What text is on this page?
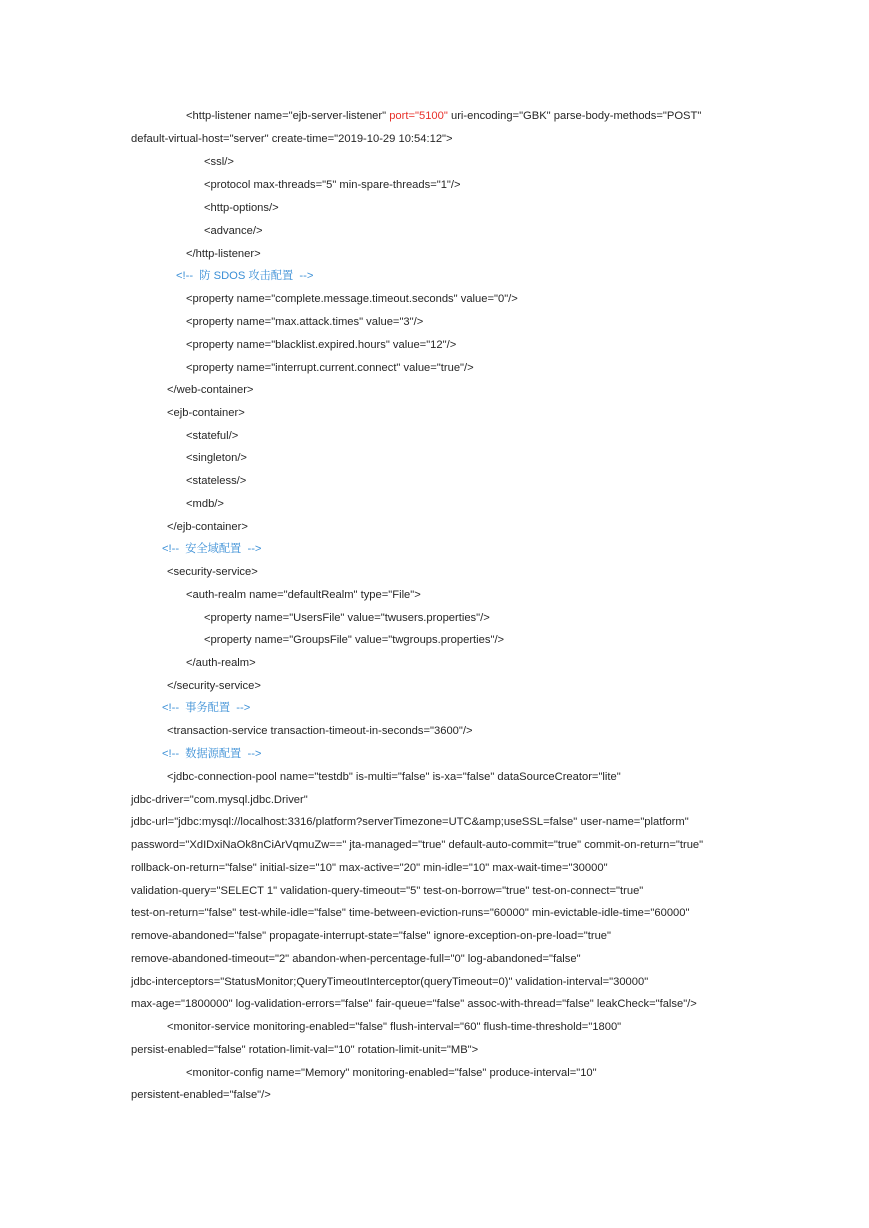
<http-listener name="ejb-server-listener" port="5100" uri-encoding="GBK" parse-body-methods="POST"
default-virtual-host="server" create-time="2019-10-29 10:54:12">
<ssl/>
<protocol max-threads="5" min-spare-threads="1"/>
<http-options/>
<advance/>
</http-listener>
<!--  防 SDOS 攻击配置  -->
<property name="complete.message.timeout.seconds" value="0"/>
<property name="max.attack.times" value="3"/>
<property name="blacklist.expired.hours" value="12"/>
<property name="interrupt.current.connect" value="true"/>
</web-container>
<ejb-container>
<stateful/>
<singleton/>
<stateless/>
<mdb/>
</ejb-container>
<!--  安全域配置  -->
<security-service>
<auth-realm name="defaultRealm" type="File">
<property name="UsersFile" value="twusers.properties"/>
<property name="GroupsFile" value="twgroups.properties"/>
</auth-realm>
</security-service>
<!--  事务配置  -->
<transaction-service transaction-timeout-in-seconds="3600"/>
<!--  数据源配置  -->
<jdbc-connection-pool name="testdb" is-multi="false" is-xa="false" dataSourceCreator="lite"
jdbc-driver="com.mysql.jdbc.Driver"
jdbc-url="jdbc:mysql://localhost:3316/platform?serverTimezone=UTC&amp;useSSL=false" user-name="platform"
password="XdIDxiNaOk8nCiArVqmuZw==" jta-managed="true" default-auto-commit="true" commit-on-return="true"
rollback-on-return="false" initial-size="10" max-active="20" min-idle="10" max-wait-time="30000"
validation-query="SELECT 1" validation-query-timeout="5" test-on-borrow="true" test-on-connect="true"
test-on-return="false" test-while-idle="false" time-between-eviction-runs="60000" min-evictable-idle-time="60000"
remove-abandoned="false" propagate-interrupt-state="false" ignore-exception-on-pre-load="true"
remove-abandoned-timeout="2" abandon-when-percentage-full="0" log-abandoned="false"
jdbc-interceptors="StatusMonitor;QueryTimeoutInterceptor(queryTimeout=0)" validation-interval="30000"
max-age="1800000" log-validation-errors="false" fair-queue="false" assoc-with-thread="false" leakCheck="false"/>
<monitor-service monitoring-enabled="false" flush-interval="60" flush-time-threshold="1800"
persist-enabled="false" rotation-limit-val="10" rotation-limit-unit="MB">
<monitor-config name="Memory" monitoring-enabled="false" produce-interval="10"
persistent-enabled="false"/>
